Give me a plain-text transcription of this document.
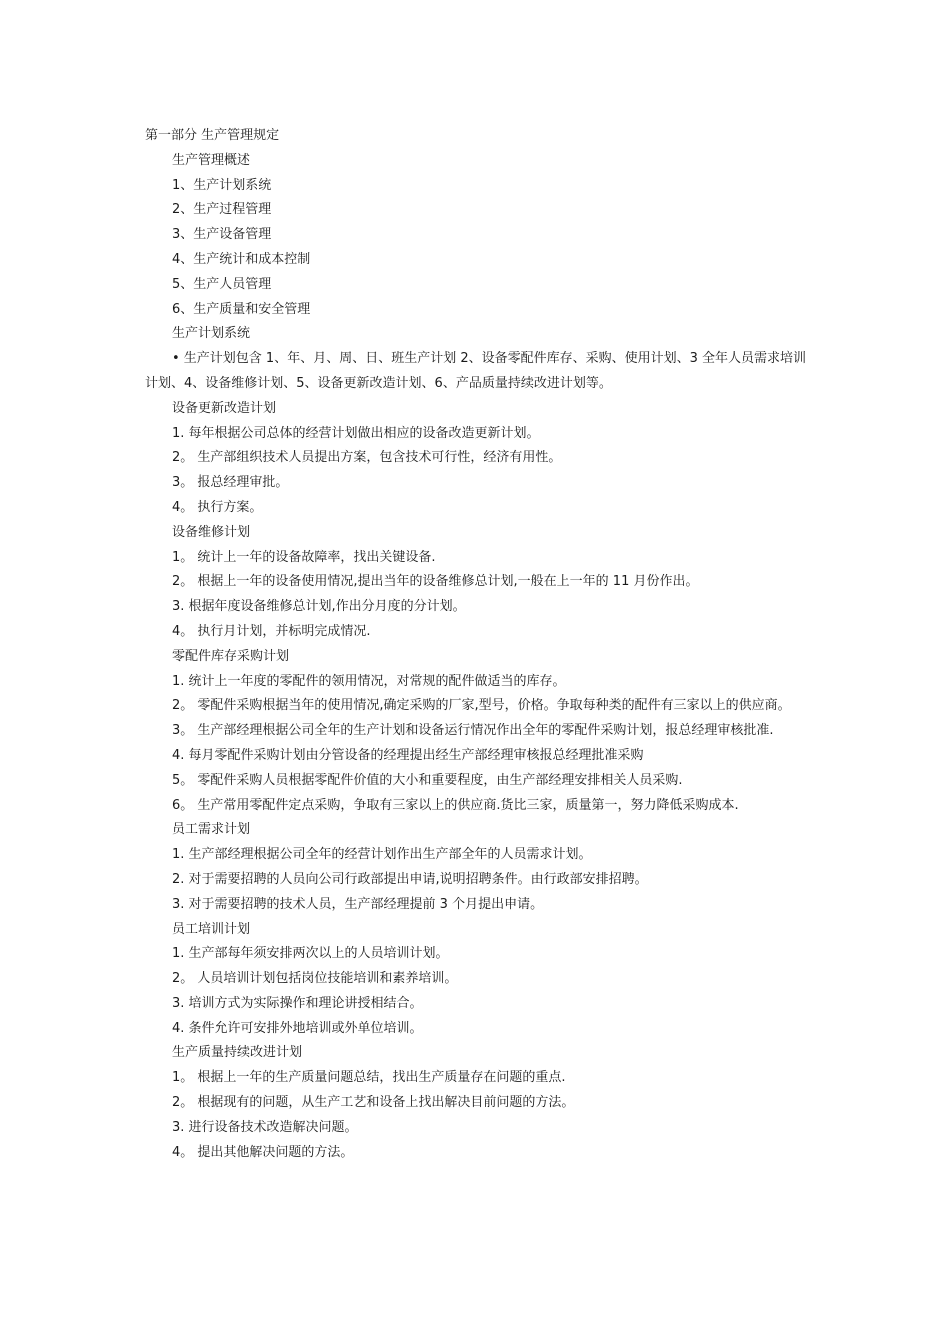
第一部分 生产管理规定

生产管理概述

1、生产计划系统

2、生产过程管理

3、生产设备管理

4、生产统计和成本控制

5、生产人员管理

6、生产质量和安全管理

生产计划系统

• 生产计划包含 1、年、月、周、日、班生产计划 2、设备零配件库存、采购、使用计划、3 全年人员需求培训计划、4、设备维修计划、5、设备更新改造计划、6、产品质量持续改进计划等。

设备更新改造计划

1. 每年根据公司总体的经营计划做出相应的设备改造更新计划。

2。 生产部组织技术人员提出方案，包含技术可行性，经济有用性。

3。 报总经理审批。

4。 执行方案。

设备维修计划

1。 统计上一年的设备故障率，找出关键设备.

2。 根据上一年的设备使用情况,提出当年的设备维修总计划,一般在上一年的 11 月份作出。

3. 根据年度设备维修总计划,作出分月度的分计划。

4。 执行月计划，并标明完成情况.

零配件库存采购计划

1. 统计上一年度的零配件的领用情况，对常规的配件做适当的库存。

2。 零配件采购根据当年的使用情况,确定采购的厂家,型号，价格。争取每种类的配件有三家以上的供应商。

3。 生产部经理根据公司全年的生产计划和设备运行情况作出全年的零配件采购计划，报总经理审核批准.

4. 每月零配件采购计划由分管设备的经理提出经生产部经理审核报总经理批准采购

5。 零配件采购人员根据零配件价值的大小和重要程度，由生产部经理安排相关人员采购.

6。 生产常用零配件定点采购，争取有三家以上的供应商.货比三家，质量第一，努力降低采购成本.

员工需求计划

1. 生产部经理根据公司全年的经营计划作出生产部全年的人员需求计划。

2. 对于需要招聘的人员向公司行政部提出申请,说明招聘条件。由行政部安排招聘。

3. 对于需要招聘的技术人员，生产部经理提前 3 个月提出申请。

员工培训计划

1. 生产部每年须安排两次以上的人员培训计划。

2。 人员培训计划包括岗位技能培训和素养培训。

3. 培训方式为实际操作和理论讲授相结合。

4. 条件允许可安排外地培训或外单位培训。

生产质量持续改进计划

1。 根据上一年的生产质量问题总结，找出生产质量存在问题的重点.

2。 根据现有的问题，从生产工艺和设备上找出解决目前问题的方法。

3. 进行设备技术改造解决问题。

4。 提出其他解决问题的方法。
